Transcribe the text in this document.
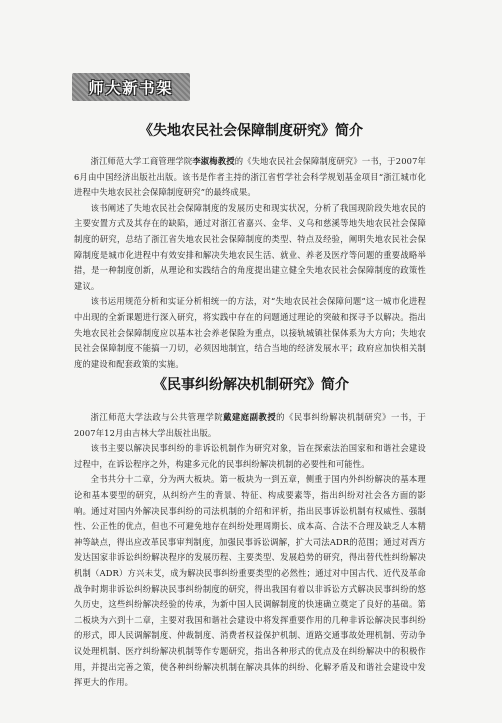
师大新书架
《失地农民社会保障制度研究》简介

浙江师范大学工商管理学院李淑梅教授的《失地农民社会保障制度研究》一书，于2007年6月由中国经济出版社出版。该书是作者主持的浙江省哲学社会科学规划基金项目“浙江城市化进程中失地农民社会保障制度研究”的最终成果。

该书阐述了失地农民社会保障制度的发展历史和现实状况，分析了我国现阶段失地农民的主要安置方式及其存在的缺陷，通过对浙江省嘉兴、金华、义乌和慈溪等地失地农民社会保障制度的研究，总结了浙江省失地农民社会保障制度的类型、特点及经验，阐明失地农民社会保障制度是城市化进程中有效安排和解决失地农民生活、就业、养老及医疗等问题的重要战略举措，是一种制度创新，从理论和实践结合的角度提出建立健全失地农民社会保障制度的政策性建议。

该书运用规范分析和实证分析相统一的方法，对“失地农民社会保障问题”这一城市化进程中出现的全新课题进行深入研究，将实践中存在的问题通过理论的突破和探寻予以解决。指出失地农民社会保障制度应以基本社会养老保险为重点，以接轨城镇社保体系为大方向；失地农民社会保障制度不能搞一刀切，必须因地制宜，结合当地的经济发展水平；政府应加快相关制度的建设和配套政策的实施。

《民事纠纷解决机制研究》简介

浙江师范大学法政与公共管理学院戴建庭副教授的《民事纠纷解决机制研究》一书，于2007年12月由吉林大学出版社出版。

该书主要以解决民事纠纷的非诉讼机制作为研究对象，旨在探索法治国家和和谐社会建设过程中，在诉讼程序之外，构建多元化的民事纠纷解决机制的必要性和可能性。

全书共分十二章，分为两大板块。第一板块为一到五章，侧重于国内外纠纷解决的基本理论和基本要型的研究，从纠纷产生的背景、特征、构成要素等，指出纠纷对社会各方面的影响。通过对国内外解决民事纠纷的司法机制的介绍和评析，指出民事诉讼机制有权威性、强制性、公正性的优点，但也不可避免地存在纠纷处理周期长、成本高、合法不合理及缺乏人本精神等缺点，得出应改革民事审判制度，加强民事诉讼调解，扩大司法ADR的范围；通过对西方发达国家非诉讼纠纷解决程序的发展历程、主要类型、发展趋势的研究，得出替代性纠纷解决机制（ADR）方兴未艾，成为解决民事纠纷重要类型的必然性；通过对中国古代、近代及革命战争时期非诉讼纠纷解决民事纠纷制度的研究，得出我国有着以非诉讼方式解决民事纠纷的悠久历史，这些纠纷解决经验的传承，为新中国人民调解制度的快速确立奠定了良好的基础。第二板块为六到十二章，主要对我国和谐社会建设中将发挥重要作用的几种非诉讼解决民事纠纷的形式，即人民调解制度、仲裁制度、消费者权益保护机制、道路交通事故处理机制、劳动争议处理机制、医疗纠纷解决机制等作专题研究，指出各种形式的优点及在纠纷解决中的积极作用，并提出完善之策，使各种纠纷解决机制在解决具体的纠纷、化解矛盾及和谐社会建设中发挥更大的作用。
